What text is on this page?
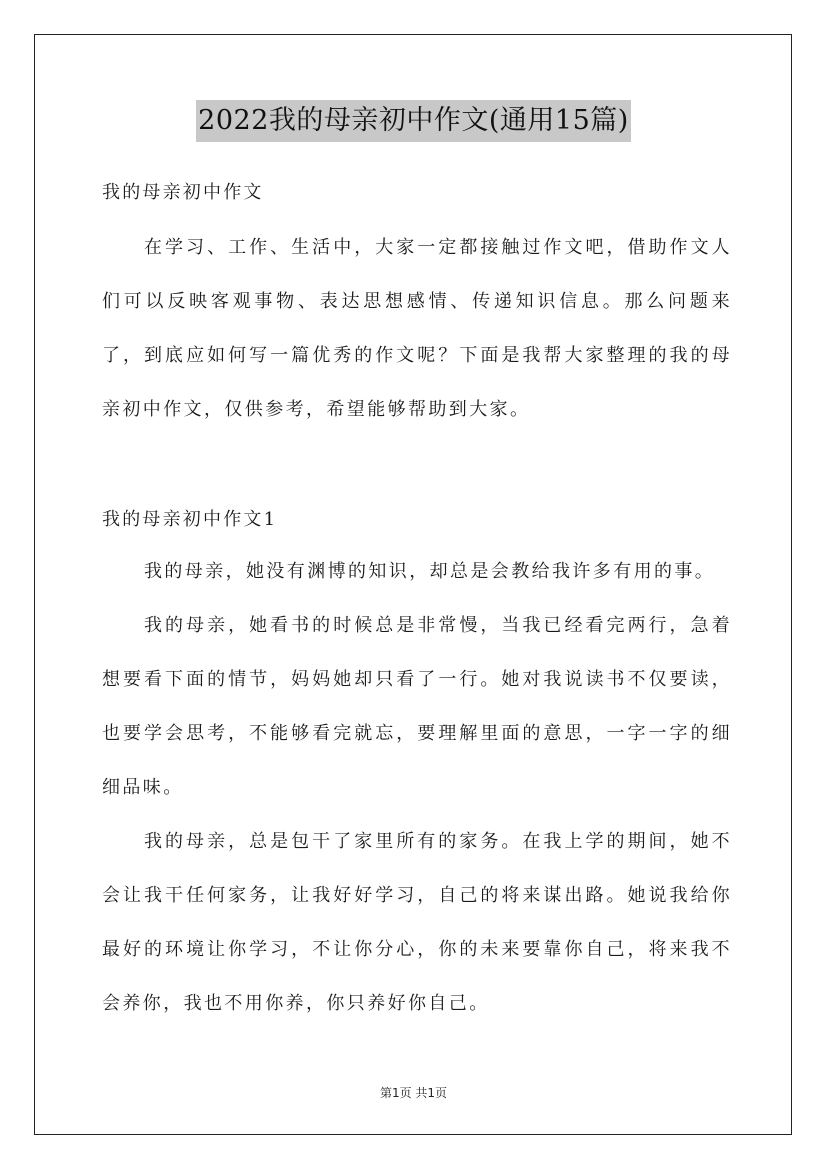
2022我的母亲初中作文(通用15篇)
我的母亲初中作文

在学习、工作、生活中，大家一定都接触过作文吧，借助作文人们可以反映客观事物、表达思想感情、传递知识信息。那么问题来了，到底应如何写一篇优秀的作文呢？下面是我帮大家整理的我的母亲初中作文，仅供参考，希望能够帮助到大家。

我的母亲初中作文1

我的母亲，她没有渊博的知识，却总是会教给我许多有用的事。

我的母亲，她看书的时候总是非常慢，当我已经看完两行，急着想要看下面的情节，妈妈她却只看了一行。她对我说读书不仅要读，也要学会思考，不能够看完就忘，要理解里面的意思，一字一字的细细品味。

我的母亲，总是包干了家里所有的家务。在我上学的期间，她不会让我干任何家务，让我好好学习，自己的将来谋出路。她说我给你最好的环境让你学习，不让你分心，你的未来要靠你自己，将来我不会养你，我也不用你养，你只养好你自己。

第1页 共1页
